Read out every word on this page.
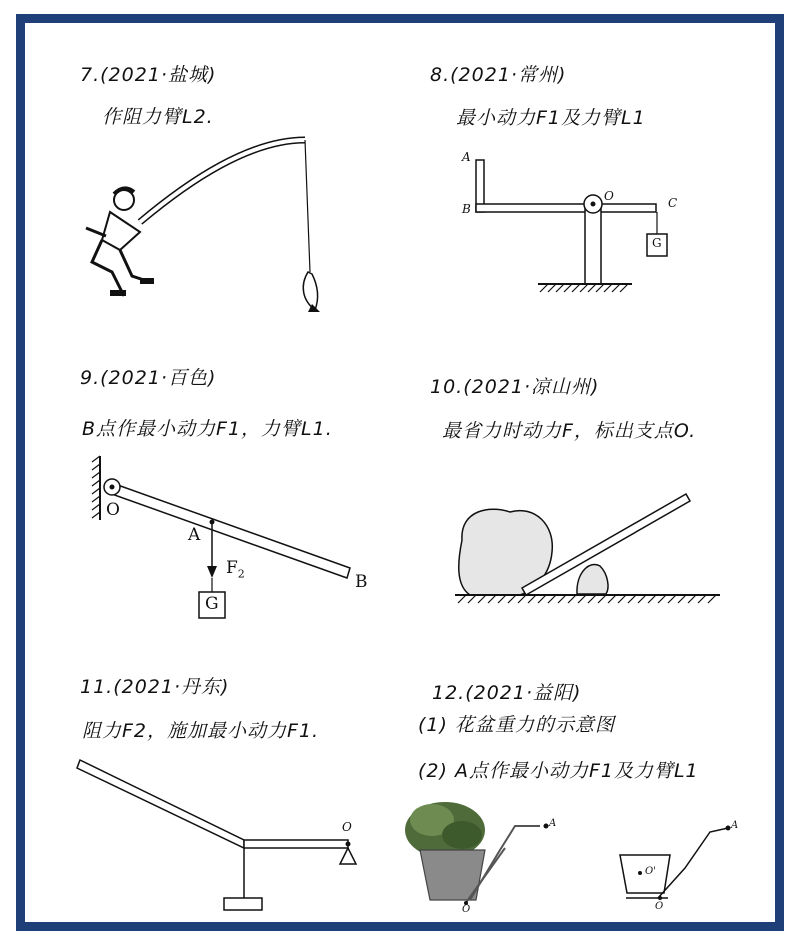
7.(2021·盐城)
作阻力臂L2.
8.(2021·常州)
最小动力F1及力臂L1
A
B
O	C
G
9.(2021·百色)
B点作最小动力F1，力臂L1.
O
A
$F_2$	B
G
10.(2021·凉山州)
最省力时动力F，标出支点O.
11.(2021·丹东)
阻力F2，施加最小动力F1.
O
12.(2021·益阳)
(1) 花盆重力的示意图
(2) A点作最小动力F1及力臂L1
A
O
O'
A
O
